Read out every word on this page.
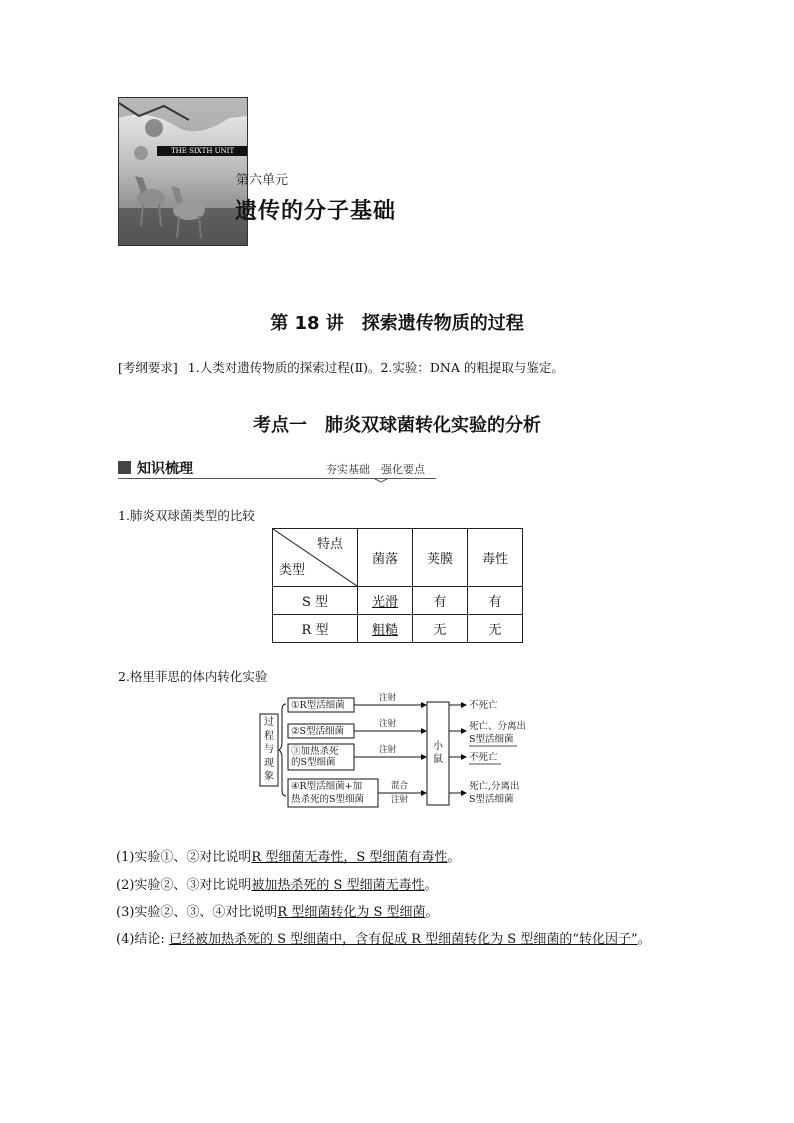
THE SIXTH UNIT
第六单元
遗传的分子基础
第 18 讲　探索遗传物质的过程
[考纲要求] 1.人类对遗传物质的探索过程(Ⅱ)。2.实验：DNA 的粗提取与鉴定。
考点一　肺炎双球菌转化实验的分析
知识梳理	夯实基础　强化要点
1.肺炎双球菌类型的比较
特点
类型	菌落	荚膜	毒性
S 型	光滑	有	有
R 型	粗糙	无	无
2.格里菲思的体内转化实验
过程与现象
①R型活细菌
②S型活细菌
③加热杀死
的S型细菌
④R型活细菌+加
热杀死的S型细菌
注射
注射
注射
混合
注射
小鼠
不死亡
死亡、分离出
S型活细菌
不死亡
死亡,分离出
S型活细菌
(1)实验①、②对比说明R 型细菌无毒性，S 型细菌有毒性。
(2)实验②、③对比说明被加热杀死的 S 型细菌无毒性。
(3)实验②、③、④对比说明R 型细菌转化为 S 型细菌。
(4)结论: 已经被加热杀死的 S 型细菌中，含有促成 R 型细菌转化为 S 型细菌的“转化因子”。
